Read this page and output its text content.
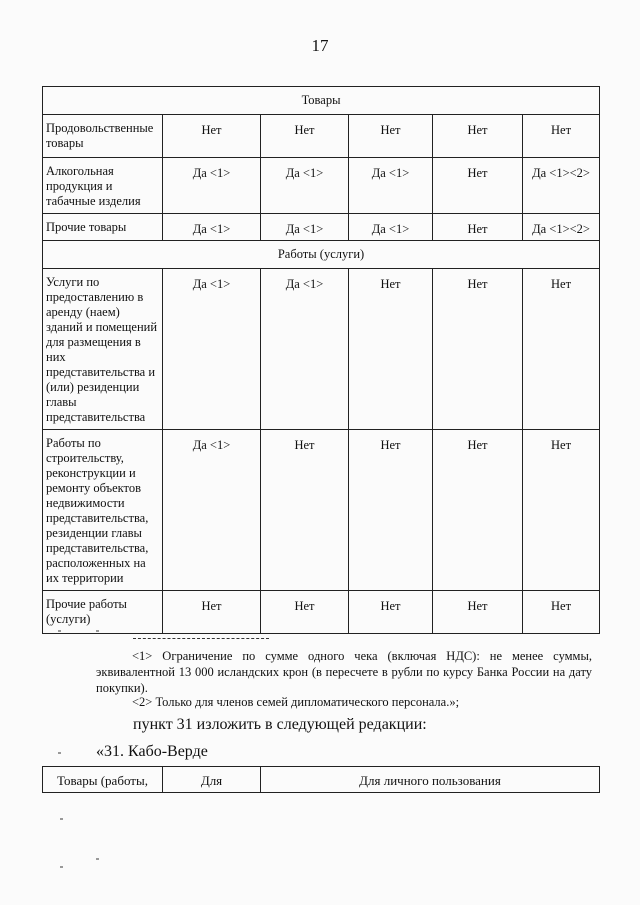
17
Товары					
Продовольственные товары	Нет	Нет	Нет	Нет	Нет
Алкогольная продукция и табачные изделия	Да <1>	Да <1>	Да <1>	Нет	Да <1><2>
Прочие товары	Да <1>	Да <1>	Да <1>	Нет	Да <1><2>
Работы (услуги)					
Услуги по предоставлению в аренду (наем) зданий и помещений для размещения в них представительства и (или) резиденции главы представительства	Да <1>	Да <1>	Нет	Нет	Нет
Работы по строительству, реконструкции и ремонту объектов недвижимости представительства, резиденции главы представительства, расположенных на их территории	Да <1>	Нет	Нет	Нет	Нет
Прочие работы (услуги)	Нет	Нет	Нет	Нет	Нет
<1> Ограничение по сумме одного чека (включая НДС): не менее суммы, эквивалентной 13 000 исландских крон (в пересчете в рубли по курсу Банка России на дату покупки).
<2> Только для членов семей дипломатического персонала.»;
пункт 31 изложить в следующей редакции:
«31. Кабо-Верде
Товары (работы,	Для	Для личного пользования
